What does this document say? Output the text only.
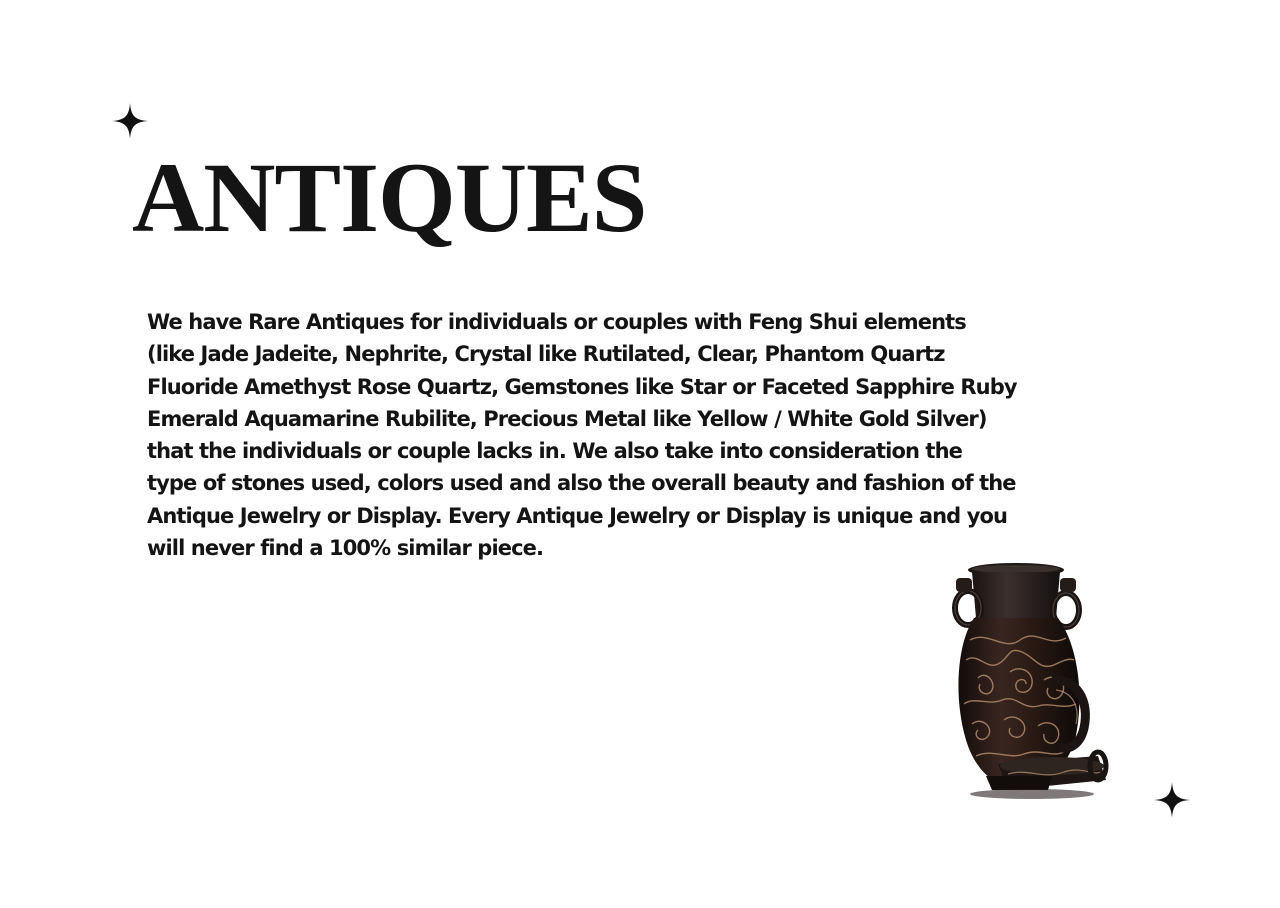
ANTIQUES

We have Rare Antiques for individuals or couples with Feng Shui elements (like Jade Jadeite, Nephrite, Crystal like Rutilated, Clear, Phantom Quartz Fluoride Amethyst Rose Quartz, Gemstones like Star or Faceted Sapphire Ruby Emerald Aquamarine Rubilite, Precious Metal like Yellow / White Gold Silver) that the individuals or couple lacks in. We also take into consideration the type of stones used, colors used and also the overall beauty and fashion of the Antique Jewelry or Display. Every Antique Jewelry or Display is unique and you will never find a 100% similar piece.
